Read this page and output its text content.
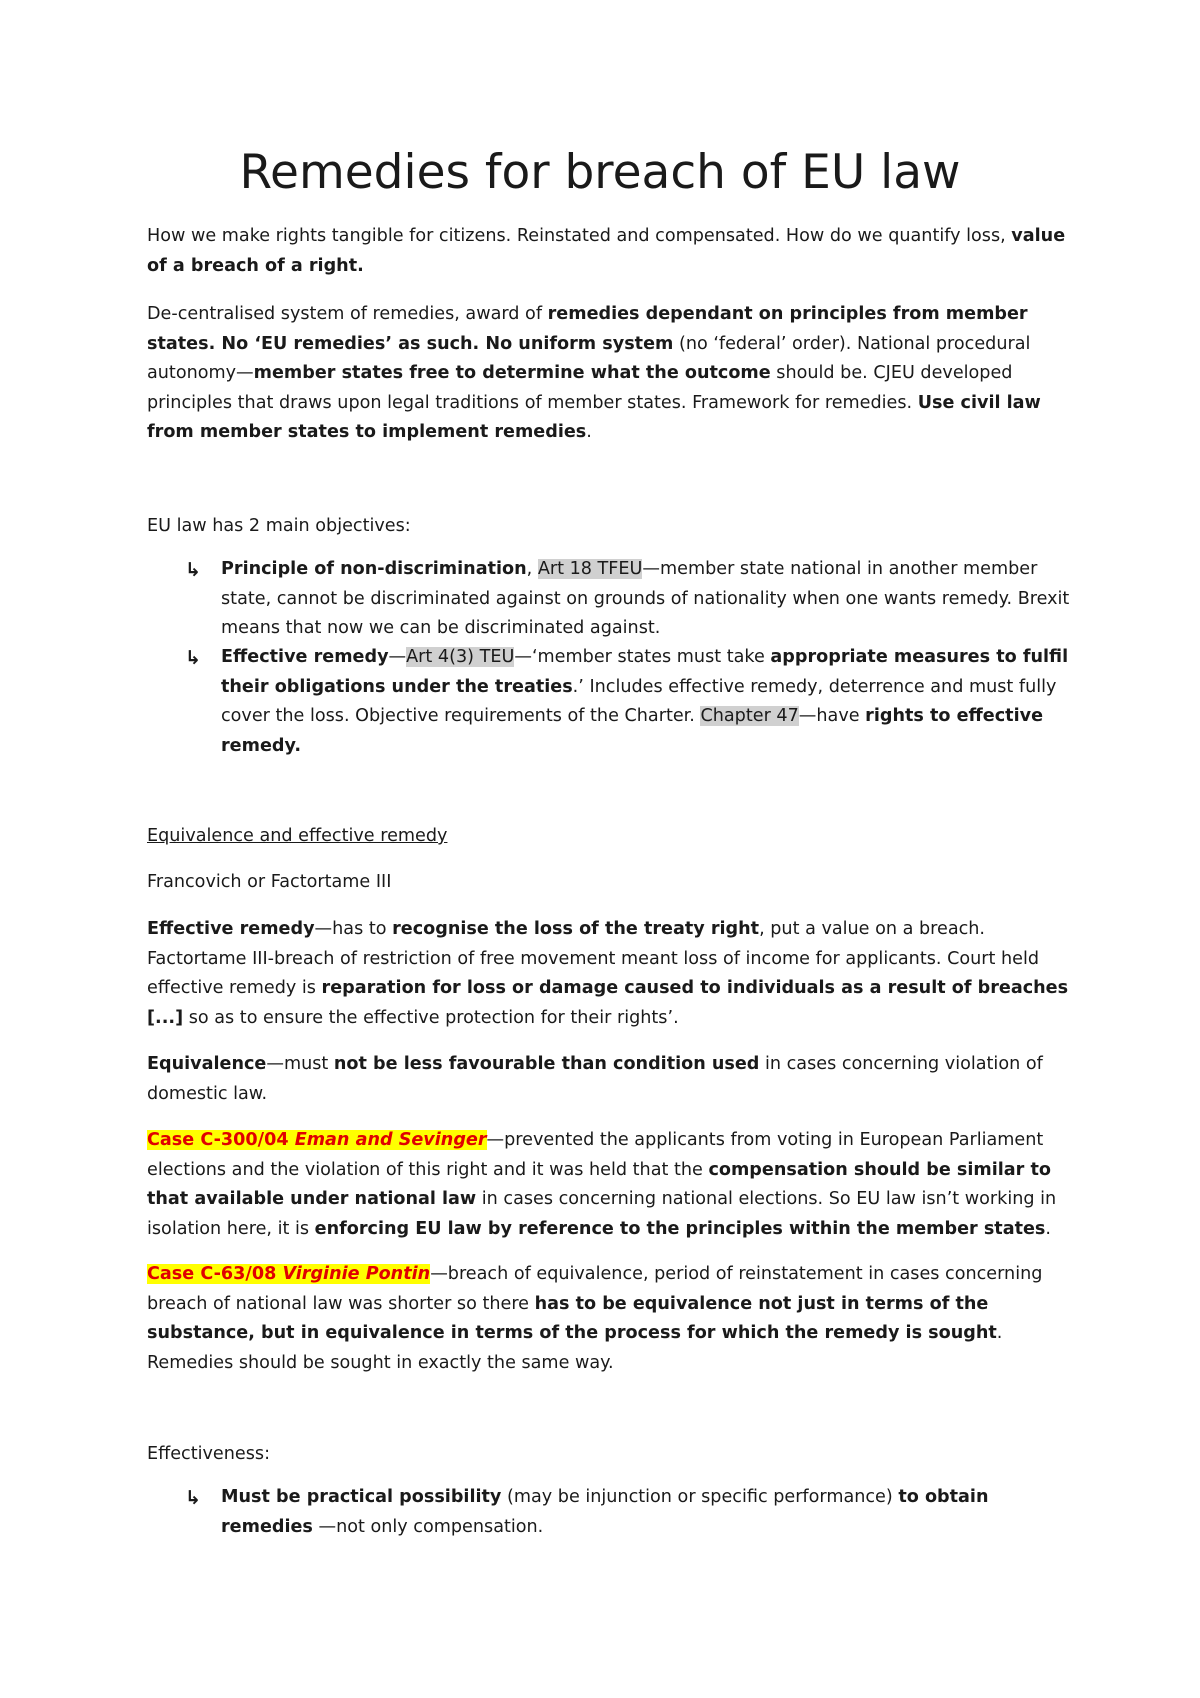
Remedies for breach of EU law

How we make rights tangible for citizens. Reinstated and compensated. How do we quantify loss, value of a breach of a right.

De-centralised system of remedies, award of remedies dependant on principles from member states. No ‘EU remedies’ as such. No uniform system (no ‘federal’ order). National procedural autonomy—member states free to determine what the outcome should be. CJEU developed principles that draws upon legal traditions of member states. Framework for remedies. Use civil law from member states to implement remedies.

EU law has 2 main objectives:

↳ Principle of non-discrimination, Art 18 TFEU—member state national in another member state, cannot be discriminated against on grounds of nationality when one wants remedy. Brexit means that now we can be discriminated against.

↳ Effective remedy—Art 4(3) TEU—‘member states must take appropriate measures to fulfil their obligations under the treaties.’ Includes effective remedy, deterrence and must fully cover the loss. Objective requirements of the Charter. Chapter 47—have rights to effective remedy.

Equivalence and effective remedy

Francovich or Factortame III

Effective remedy—has to recognise the loss of the treaty right, put a value on a breach. Factortame III-breach of restriction of free movement meant loss of income for applicants. Court held effective remedy is reparation for loss or damage caused to individuals as a result of breaches [...] so as to ensure the effective protection for their rights’.

Equivalence—must not be less favourable than condition used in cases concerning violation of domestic law.

Case C-300/04 Eman and Sevinger—prevented the applicants from voting in European Parliament elections and the violation of this right and it was held that the compensation should be similar to that available under national law in cases concerning national elections. So EU law isn’t working in isolation here, it is enforcing EU law by reference to the principles within the member states.

Case C-63/08 Virginie Pontin—breach of equivalence, period of reinstatement in cases concerning breach of national law was shorter so there has to be equivalence not just in terms of the substance, but in equivalence in terms of the process for which the remedy is sought. Remedies should be sought in exactly the same way.

Effectiveness:

↳ Must be practical possibility (may be injunction or specific performance) to obtain remedies —not only compensation.
